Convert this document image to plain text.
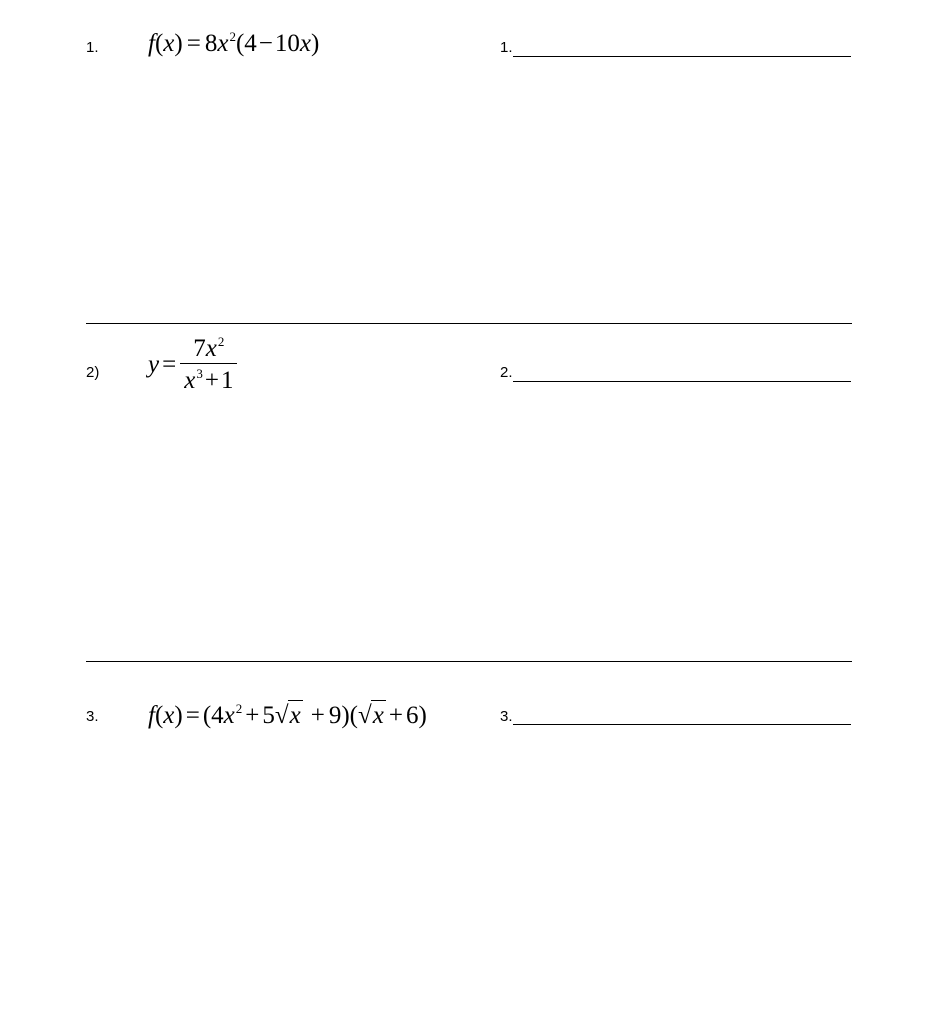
1. $f(x) = 8x^2(4-10x)$	1.
2) $y = \frac{7x^2}{x^3+1}$	2.
3. $f(x) = (4x^2 + 5$ √ x + 9)( √ x + 6)	3.
